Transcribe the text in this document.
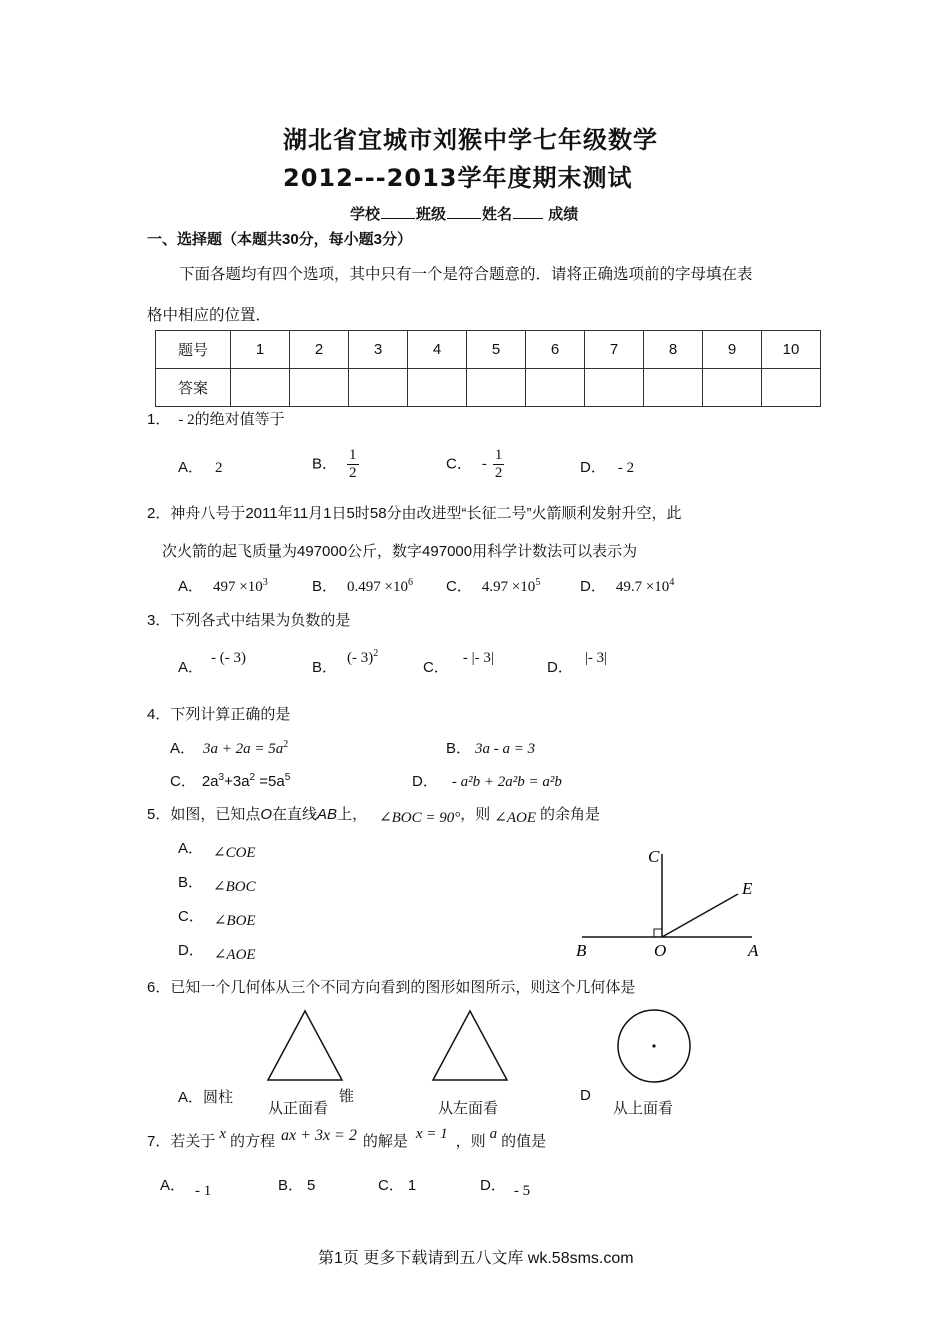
湖北省宜城市刘猴中学七年级数学
2012---2013学年度期末测试
学校 班级 姓名 成绩
一、选择题（本题共30分，每小题3分）
下面各题均有四个选项，其中只有一个是符合题意的．请将正确选项前的字母填在表
格中相应的位置．
题号	1	2	3	4	5	6	7	8	9	10
答案										
1． - 2的绝对值等于
A． 2	B． $\frac{1}{2}$	C． - $\frac{1}{2}$	D． - 2
2．神舟八号于2011年11月1日5时58分由改进型“长征二号”火箭顺利发射升空，此
次火箭的起飞质量为497000公斤，数字497000用科学计数法可以表示为
A． $497 \times 10^3$	B． $0.497 \times 10^6$ C． $4.97 \times 10^5$	D． $49.7 \times 10^4$
3．下列各式中结果为负数的是
A．- (- 3)
B．(- 3)$^2$
C．- |- 3|
D．|- 3|
4．下列计算正确的是
A． $3a + 2a = 5a^2$	B． 3a - a = 3
C． $2a^3+3a^2 =5a^5$	D． - a²b + 2a²b = a²b
5．如图，已知点O在直线AB上， ∠BOC = 90°，则 ∠AOE 的余角是
A． ∠COE
B． ∠BOC
C． ∠BOE
D． ∠AOE
C
E
B	O	A
6．已知一个几何体从三个不同方向看到的图形如图所示，则这个几何体是
A．圆柱	锥	D
从正面看	从左面看	从上面看
7．若关于 x 的方程 ax + 3x = 2 的解是 x = 1 ，则 a 的值是
A． - 1	B． 5	C． 1	D． - 5
第1页 更多下载请到五八文库 wk.58sms.com
